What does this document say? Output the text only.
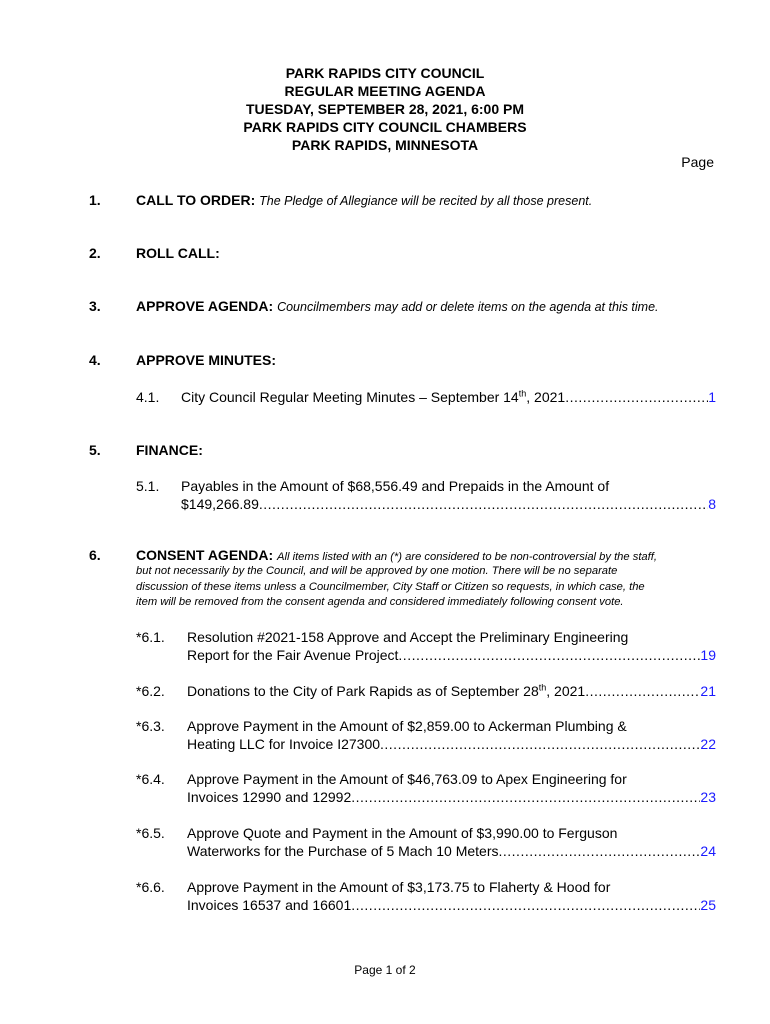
PARK RAPIDS CITY COUNCIL
REGULAR MEETING AGENDA
TUESDAY, SEPTEMBER 28, 2021, 6:00 PM
PARK RAPIDS CITY COUNCIL CHAMBERS
PARK RAPIDS, MINNESOTA
Page
1.	CALL TO ORDER: The Pledge of Allegiance will be recited by all those present.
2.	ROLL CALL:
3.	APPROVE AGENDA: Councilmembers may add or delete items on the agenda at this time.
4.	APPROVE MINUTES:
4.1. City Council Regular Meeting Minutes – September 14th, 2021 .....	1
5.	FINANCE:
5.1. Payables in the Amount of $68,556.49 and Prepaids in the Amount of
$149,266.89 .....	8
6.	CONSENT AGENDA: All items listed with an (*) are considered to be non-controversial by the staff,
but not necessarily by the Council, and will be approved by one motion. There will be no separate
discussion of these items unless a Councilmember, City Staff or Citizen so requests, in which case, the
item will be removed from the consent agenda and considered immediately following consent vote.
*6.1. Resolution #2021-158 Approve and Accept the Preliminary Engineering
Report for the Fair Avenue Project .....	19
*6.2. Donations to the City of Park Rapids as of September 28th, 2021 .....	21
*6.3. Approve Payment in the Amount of $2,859.00 to Ackerman Plumbing &
Heating LLC for Invoice I27300 .....	22
*6.4. Approve Payment in the Amount of $46,763.09 to Apex Engineering for
Invoices 12990 and 12992 .....	23
*6.5. Approve Quote and Payment in the Amount of $3,990.00 to Ferguson
Waterworks for the Purchase of 5 Mach 10 Meters .....	24
*6.6. Approve Payment in the Amount of $3,173.75 to Flaherty & Hood for
Invoices 16537 and 16601 .....	25
Page 1 of 2
